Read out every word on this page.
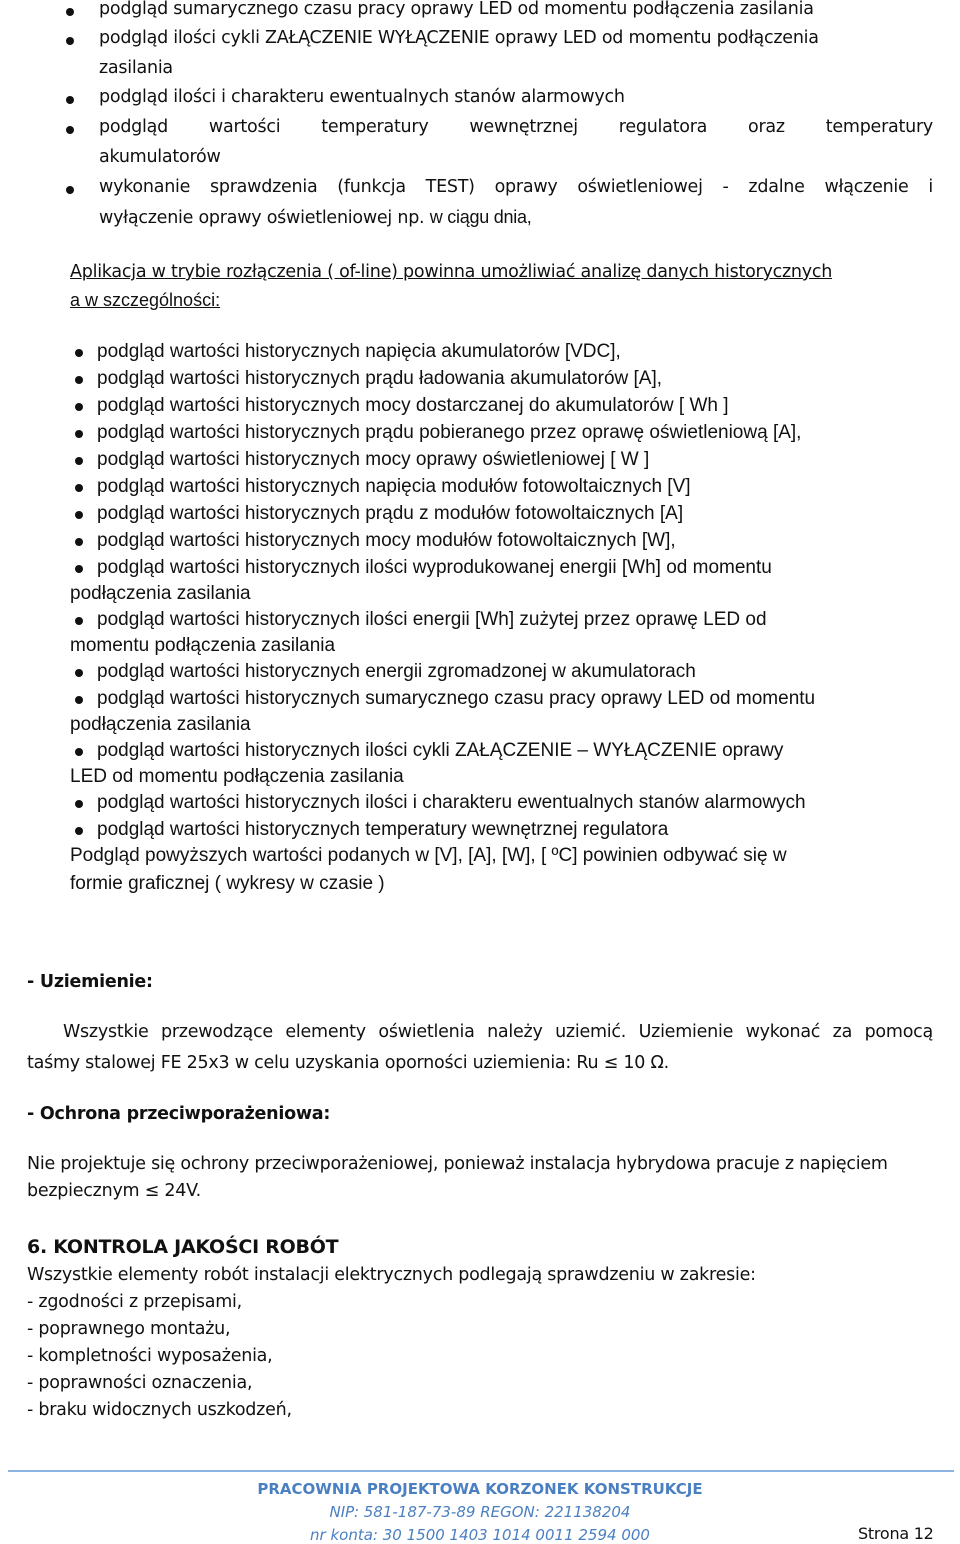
podgląd sumarycznego czasu pracy oprawy LED od momentu podłączenia zasilania
podgląd ilości cykli ZAŁĄCZENIE WYŁĄCZENIE oprawy LED od momentu podłączenia
zasilania
podgląd ilości i charakteru ewentualnych stanów alarmowych
podgląd wartości temperatury wewnętrznej regulatora oraz temperatury
akumulatorów
wykonanie sprawdzenia (funkcja TEST) oprawy oświetleniowej - zdalne włączenie i
wyłączenie oprawy oświetleniowej np. w ciągu dnia,
Aplikacja w trybie rozłączenia ( of-line) powinna umożliwiać analizę danych historycznych
a w szczególności:
podgląd wartości historycznych napięcia akumulatorów [VDC],
podgląd wartości historycznych prądu ładowania akumulatorów [A],
podgląd wartości historycznych mocy dostarczanej do akumulatorów [ Wh ]
podgląd wartości historycznych prądu pobieranego przez oprawę oświetleniową [A],
podgląd wartości historycznych mocy oprawy oświetleniowej [ W ]
podgląd wartości historycznych napięcia modułów fotowoltaicznych [V]
podgląd wartości historycznych prądu z modułów fotowoltaicznych [A]
podgląd wartości historycznych mocy modułów fotowoltaicznych [W],
podgląd wartości historycznych ilości wyprodukowanej energii [Wh] od momentu
podłączenia zasilania
podgląd wartości historycznych ilości energii [Wh] zużytej przez oprawę LED od
momentu podłączenia zasilania
podgląd wartości historycznych energii zgromadzonej w akumulatorach
podgląd wartości historycznych sumarycznego czasu pracy oprawy LED od momentu
podłączenia zasilania
podgląd wartości historycznych ilości cykli ZAŁĄCZENIE – WYŁĄCZENIE oprawy
LED od momentu podłączenia zasilania
podgląd wartości historycznych ilości i charakteru ewentualnych stanów alarmowych
podgląd wartości historycznych temperatury wewnętrznej regulatora
Podgląd powyższych wartości podanych w [V], [A], [W], [ ºC] powinien odbywać się w
formie graficznej ( wykresy w czasie )
- Uziemienie:
Wszystkie przewodzące elementy oświetlenia należy uziemić. Uziemienie wykonać za pomocą
taśmy stalowej FE 25x3 w celu uzyskania oporności uziemienia: Ru ≤ 10 Ω.
- Ochrona przeciwporażeniowa:
Nie projektuje się ochrony przeciwporażeniowej, ponieważ instalacja hybrydowa pracuje z napięciem
bezpiecznym ≤ 24V.
6. KONTROLA JAKOŚCI ROBÓT
Wszystkie elementy robót instalacji elektrycznych podlegają sprawdzeniu w zakresie:
- zgodności z przepisami,
- poprawnego montażu,
- kompletności wyposażenia,
- poprawności oznaczenia,
- braku widocznych uszkodzeń,
PRACOWNIA PROJEKTOWA KORZONEK KONSTRUKCJE
NIP: 581-187-73-89 REGON: 221138204
nr konta: 30 1500 1403 1014 0011 2594 000	Strona 12
